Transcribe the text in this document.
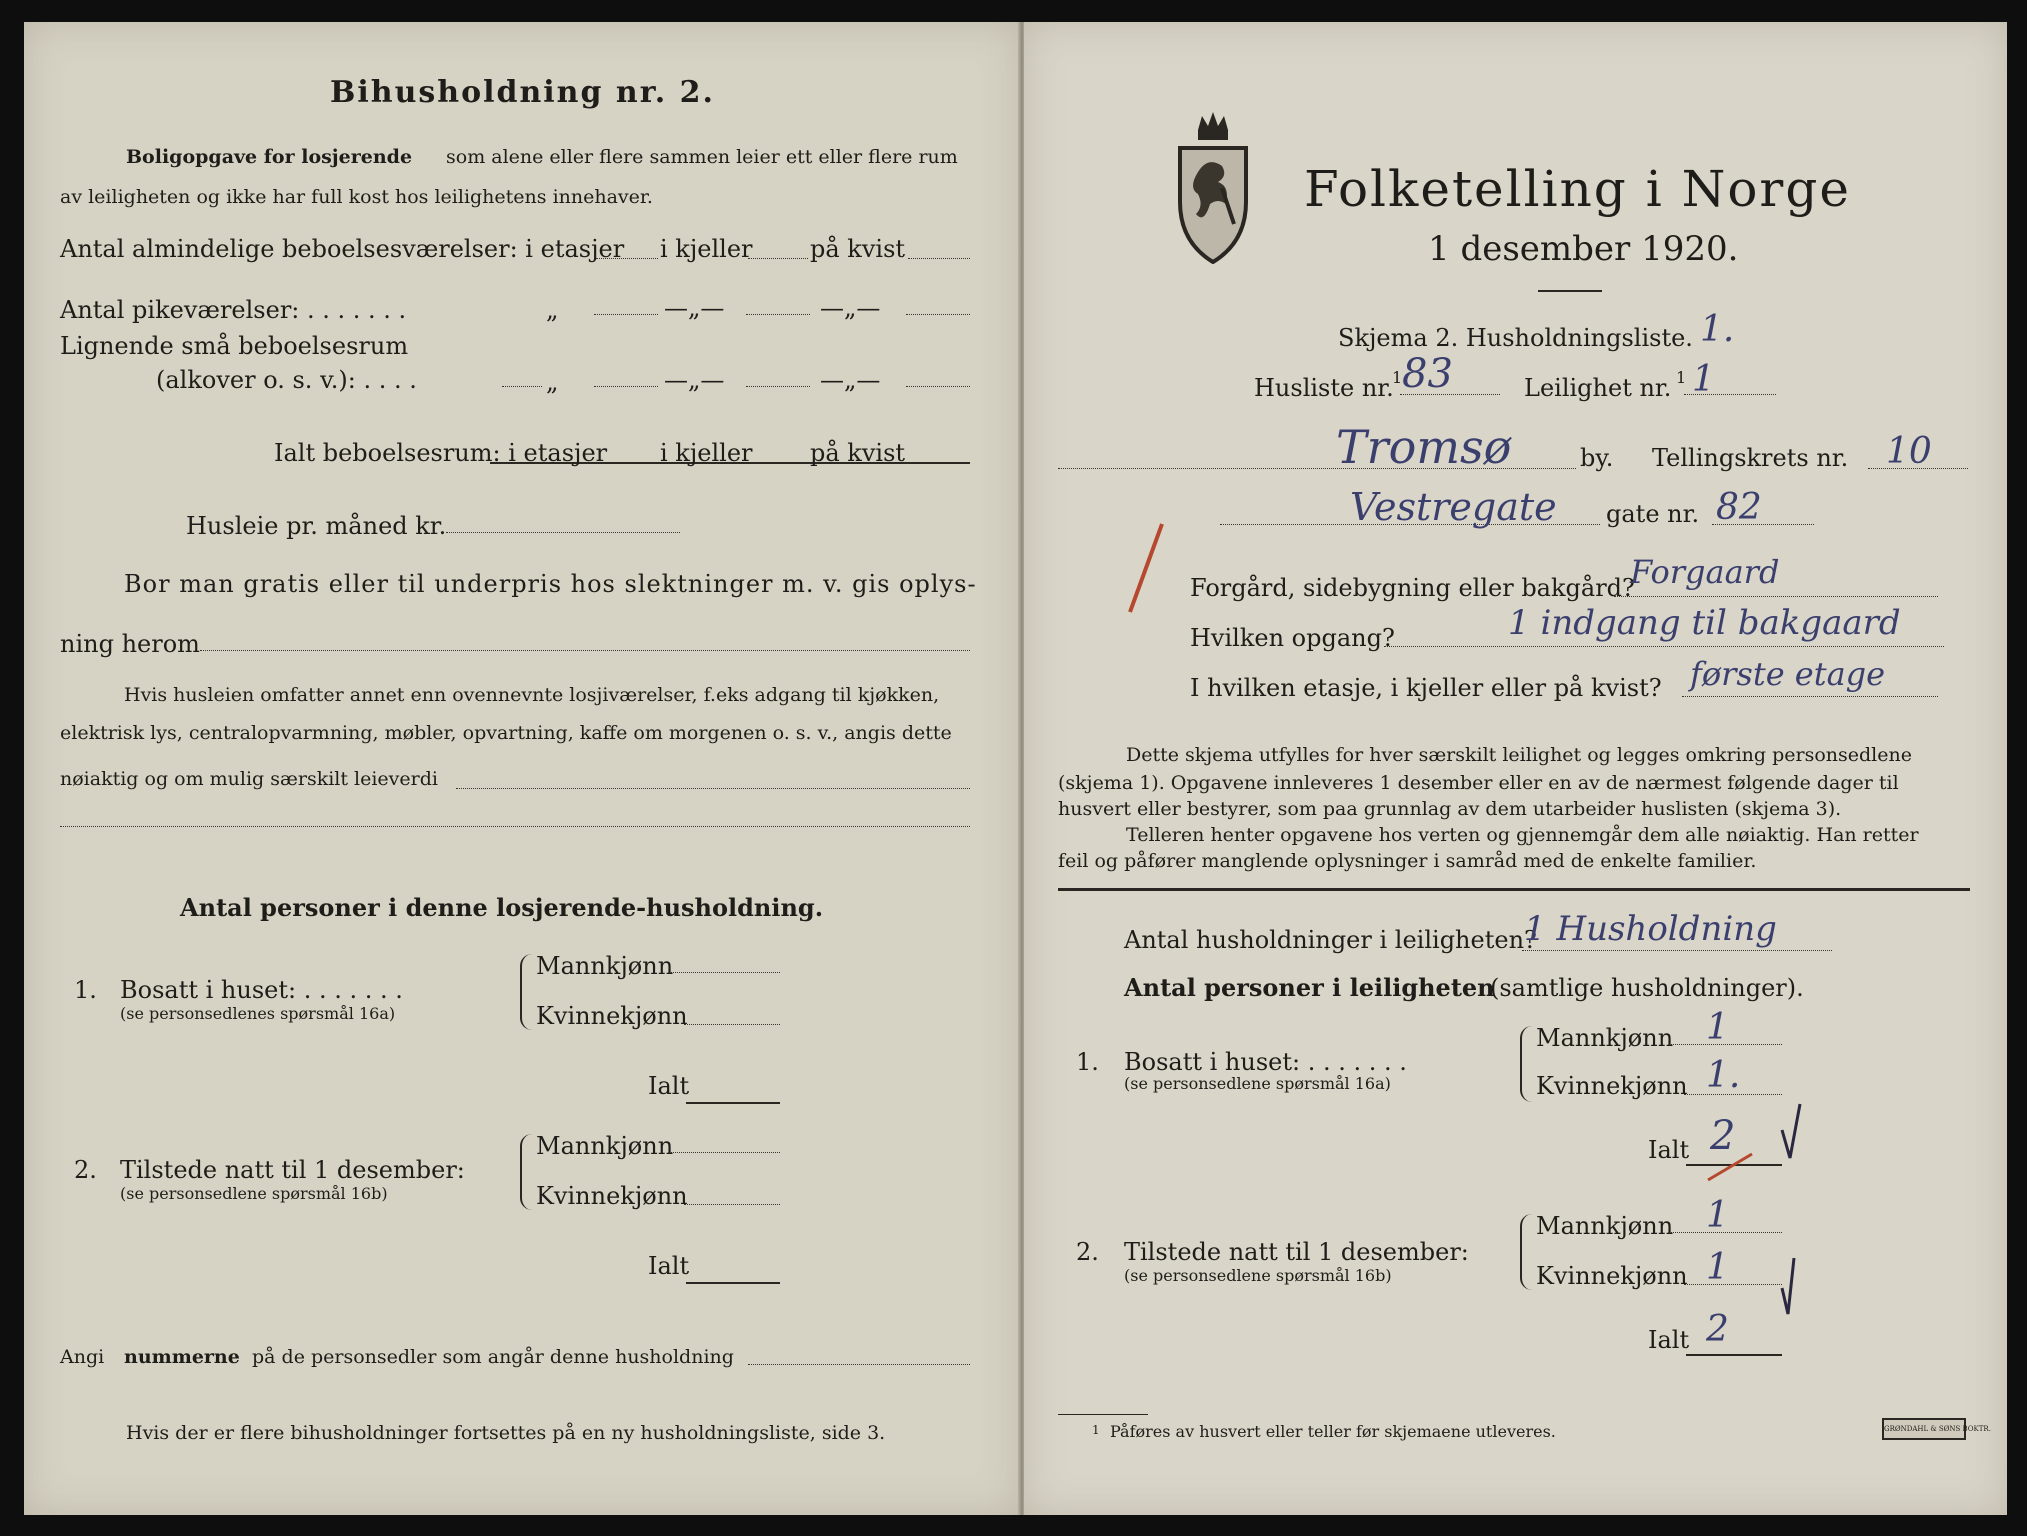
Bihusholdning nr. 2.
Boligopgave for losjerende som alene eller flere sammen leier ett eller flere rum
av leiligheten og ikke har full kost hos leilighetens innehaver.
Antal almindelige beboelsesværelser: i etasjer i kjeller på kvist
Antal pikeværelser: . . . . . . .	„	—„—	—„—
Lignende små beboelsesrum
(alkover o. s. v.): . . . .	„	—„—	—„—
Ialt beboelsesrum: i etasjer i kjeller på kvist
Husleie pr. måned kr.
Bor man gratis eller til underpris hos slektninger m. v. gis oplys-
ning herom
Hvis husleien omfatter annet enn ovennevnte losjiværelser, f.eks adgang til kjøkken,
elektrisk lys, centralopvarmning, møbler, opvartning, kaffe om morgenen o. s. v., angis dette
nøiaktig og om mulig særskilt leieverdi
Antal personer i denne losjerende-husholdning.
1. Bosatt i huset: . . . . . . .
(se personsedlenes spørsmål 16a)
Mannkjønn
Kvinnekjønn
Ialt
2. Tilstede natt til 1 desember:
(se personsedlene spørsmål 16b)
Mannkjønn
Kvinnekjønn
Ialt
Angi nummerne på de personsedler som angår denne husholdning
Hvis der er flere bihusholdninger fortsettes på en ny husholdningsliste, side 3.
Folketelling i Norge
1 desember 1920.
Skjema 2. Husholdningsliste. 1.
Husliste nr.
1 83	Leilighet nr. 1 1
Tromsø	by. Tellingskrets nr. 10
Vestregate gate nr. 82
Forgård, sidebygning eller bakgård?
Forgaard
Hvilken opgang?	1 indgang til bakgaard
I hvilken etasje, i kjeller eller på kvist? første etage
Dette skjema utfylles for hver særskilt leilighet og legges omkring personsedlene
(skjema 1). Opgavene innleveres 1 desember eller en av de nærmest følgende dager til
husvert eller bestyrer, som paa grunnlag av dem utarbeider huslisten (skjema 3).
Telleren henter opgavene hos verten og gjennemgår dem alle nøiaktig. Han retter
feil og påfører manglende oplysninger i samråd med de enkelte familier.
Antal husholdninger i leiligheten?
1 Husholdning
Antal personer i leiligheten
(samtlige husholdninger).
1. Bosatt i huset: . . . . . . .
(se personsedlene spørsmål 16a)
Mannkjønn 1
Kvinnekjønn 1.
Ialt 2
2. Tilstede natt til 1 desember:
(se personsedlene spørsmål 16b)
Mannkjønn 1
Kvinnekjønn 1
Ialt 2
1 Påføres av husvert eller teller før skjemaene utleveres.	GRØNDAHL & SØNS BOKTR.
